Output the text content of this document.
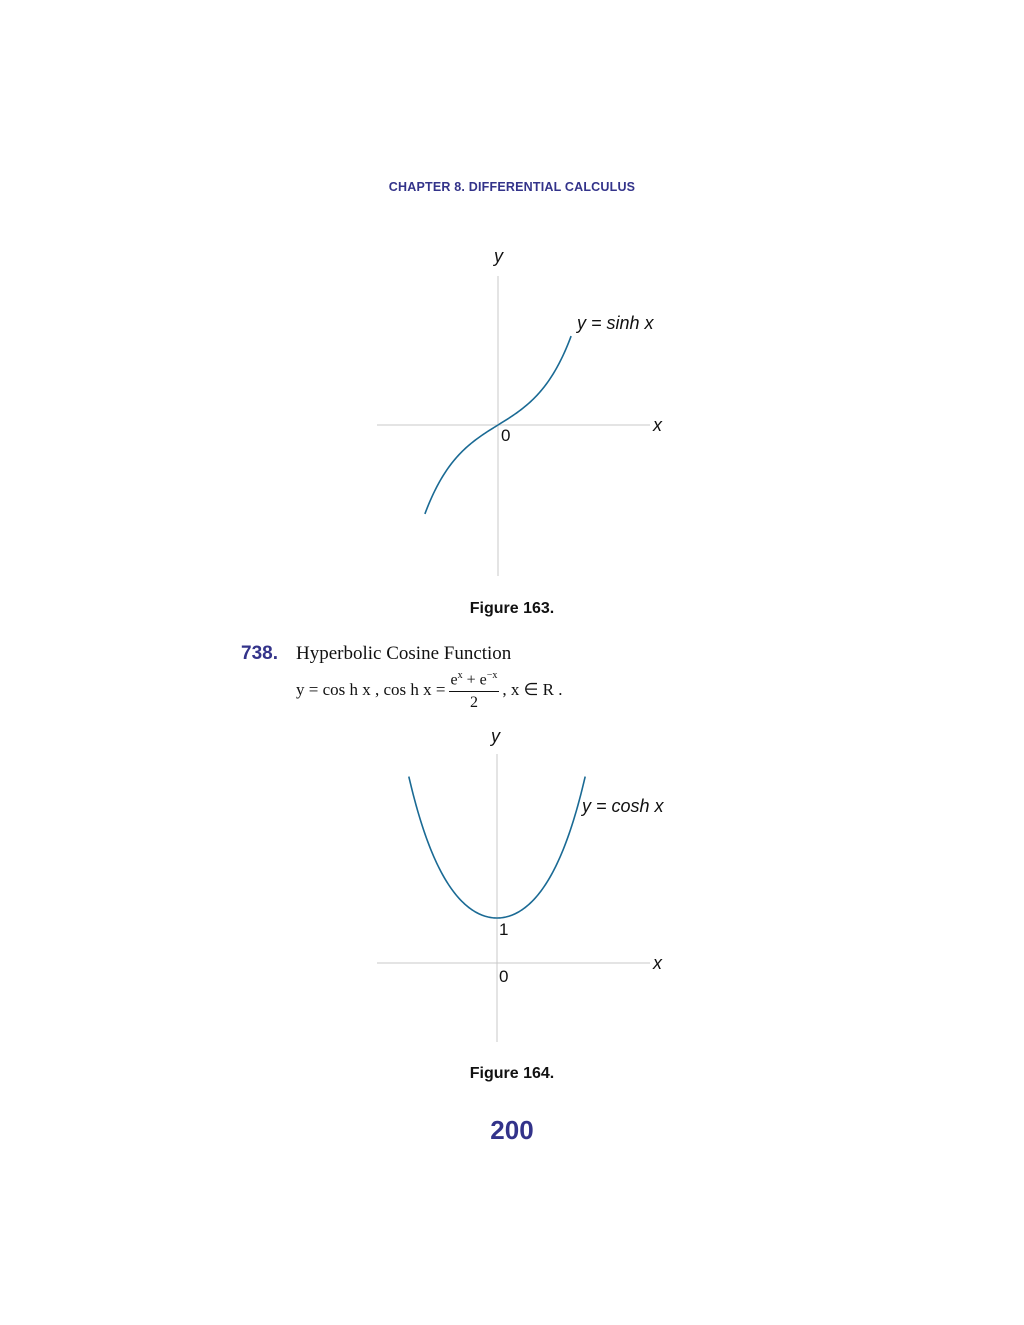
CHAPTER 8. DIFFERENTIAL CALCULUS
y
x
0
y = sinh x
Figure 163.
738. Hyperbolic Cosine Function
y = cos h x , cos h $x = \frac{e^x + e^{-x}}{2}$ , x ∈ R .
y
x
0
1
y = cosh x
Figure 164.
200
